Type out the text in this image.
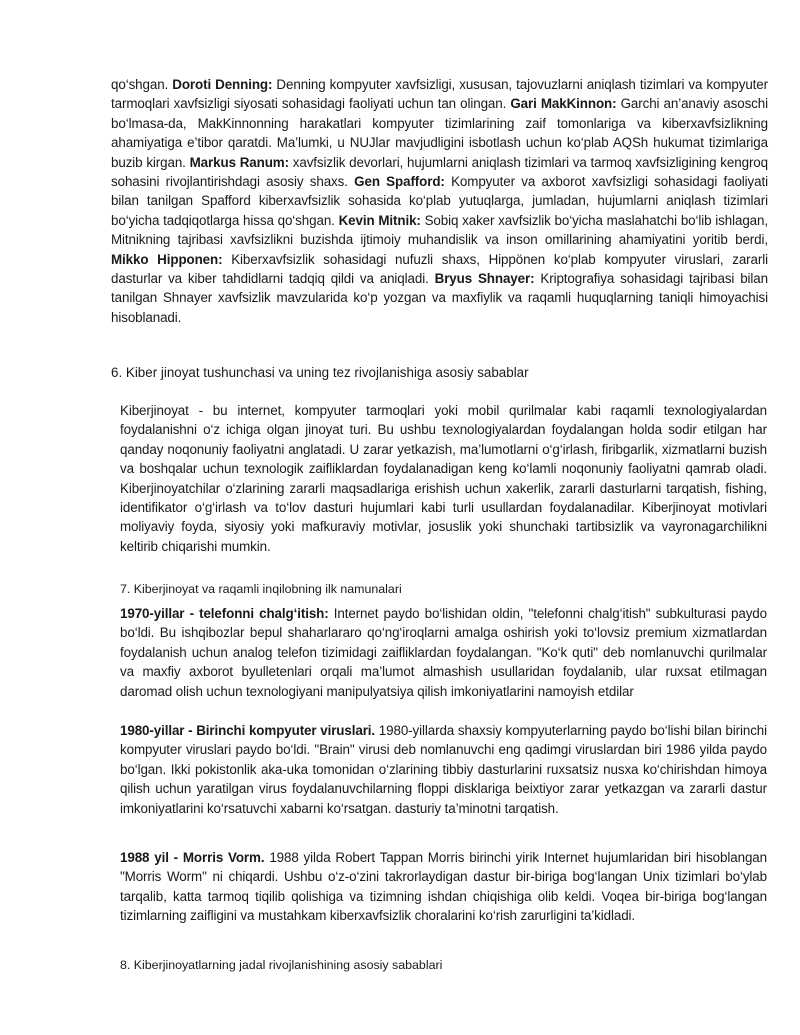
qo‘shgan. Doroti Denning: Denning kompyuter xavfsizligi, xususan, tajovuzlarni aniqlash tizimlari va kompyuter tarmoqlari xavfsizligi siyosati sohasidagi faoliyati uchun tan olingan. Gari MakKinnon: Garchi an’anaviy asoschi bo‘lmasa-da, MakKinnonning harakatlari kompyuter tizimlarining zaif tomonlariga va kiberxavfsizlikning ahamiyatiga e’tibor qaratdi. Ma’lumki, u NUJlar mavjudligini isbotlash uchun ko‘plab AQSh hukumat tizimlariga buzib kirgan. Markus Ranum: xavfsizlik devorlari, hujumlarni aniqlash tizimlari va tarmoq xavfsizligining kengroq sohasini rivojlantirishdagi asosiy shaxs. Gen Spafford: Kompyuter va axborot xavfsizligi sohasidagi faoliyati bilan tanilgan Spafford kiberxavfsizlik sohasida ko‘plab yutuqlarga, jumladan, hujumlarni aniqlash tizimlari bo‘yicha tadqiqotlarga hissa qo‘shgan. Kevin Mitnik: Sobiq xaker xavfsizlik bo‘yicha maslahatchi bo‘lib ishlagan, Mitnikning tajribasi xavfsizlikni buzishda ijtimoiy muhandislik va inson omillarining ahamiyatini yoritib berdi, Mikko Hipponen: Kiberxavfsizlik sohasidagi nufuzli shaxs, Hippönen ko‘plab kompyuter viruslari, zararli dasturlar va kiber tahdidlarni tadqiq qildi va aniqladi. Bryus Shnayer: Kriptografiya sohasidagi tajribasi bilan tanilgan Shnayer xavfsizlik mavzularida ko‘p yozgan va maxfiylik va raqamli huquqlarning taniqli himoyachisi hisoblanadi.

6. Kiber jinoyat tushunchasi va uning tez rivojlanishiga asosiy sabablar

Kiberjinoyat - bu internet, kompyuter tarmoqlari yoki mobil qurilmalar kabi raqamli texnologiyalardan foydalanishni o‘z ichiga olgan jinoyat turi. Bu ushbu texnologiyalardan foydalangan holda sodir etilgan har qanday noqonuniy faoliyatni anglatadi. U zarar yetkazish, ma’lumotlarni o‘g‘irlash, firibgarlik, xizmatlarni buzish va boshqalar uchun texnologik zaifliklardan foydalanadigan keng ko‘lamli noqonuniy faoliyatni qamrab oladi. Kiberjinoyatchilar o‘zlarining zararli maqsadlariga erishish uchun xakerlik, zararli dasturlarni tarqatish, fishing, identifikator o‘g‘irlash va to‘lov dasturi hujumlari kabi turli usullardan foydalanadilar. Kiberjinoyat motivlari moliyaviy foyda, siyosiy yoki mafkuraviy motivlar, josuslik yoki shunchaki tartibsizlik va vayronagarchilikni keltirib chiqarishi mumkin.

7. Kiberjinoyat va raqamli inqilobning ilk namunalari

1970-yillar - telefonni chalg‘itish: Internet paydo bo‘lishidan oldin, "telefonni chalg‘itish" subkulturasi paydo bo‘ldi. Bu ishqibozlar bepul shaharlararo qo‘ng‘iroqlarni amalga oshirish yoki to‘lovsiz premium xizmatlardan foydalanish uchun analog telefon tizimidagi zaifliklardan foydalangan. "Ko‘k quti" deb nomlanuvchi qurilmalar va maxfiy axborot byulletenlari orqali ma’lumot almashish usullaridan foydalanib, ular ruxsat etilmagan daromad olish uchun texnologiyani manipulyatsiya qilish imkoniyatlarini namoyish etdilar

1980-yillar - Birinchi kompyuter viruslari. 1980-yillarda shaxsiy kompyuterlarning paydo bo‘lishi bilan birinchi kompyuter viruslari paydo bo‘ldi. "Brain" virusi deb nomlanuvchi eng qadimgi viruslardan biri 1986 yilda paydo bo‘lgan. Ikki pokistonlik aka-uka tomonidan o‘zlarining tibbiy dasturlarini ruxsatsiz nusxa ko‘chirishdan himoya qilish uchun yaratilgan virus foydalanuvchilarning floppi disklariga beixtiyor zarar yetkazgan va zararli dastur imkoniyatlarini ko‘rsatuvchi xabarni ko‘rsatgan. dasturiy ta’minotni tarqatish.

1988 yil - Morris Vorm. 1988 yilda Robert Tappan Morris birinchi yirik Internet hujumlaridan biri hisoblangan "Morris Worm" ni chiqardi. Ushbu o‘z-o‘zini takrorlaydigan dastur bir-biriga bog‘langan Unix tizimlari bo‘ylab tarqalib, katta tarmoq tiqilib qolishiga va tizimning ishdan chiqishiga olib keldi. Voqea bir-biriga bog‘langan tizimlarning zaifligini va mustahkam kiberxavfsizlik choralarini ko‘rish zarurligini ta’kidladi.

8. Kiberjinoyatlarning jadal rivojlanishining asosiy sabablari
